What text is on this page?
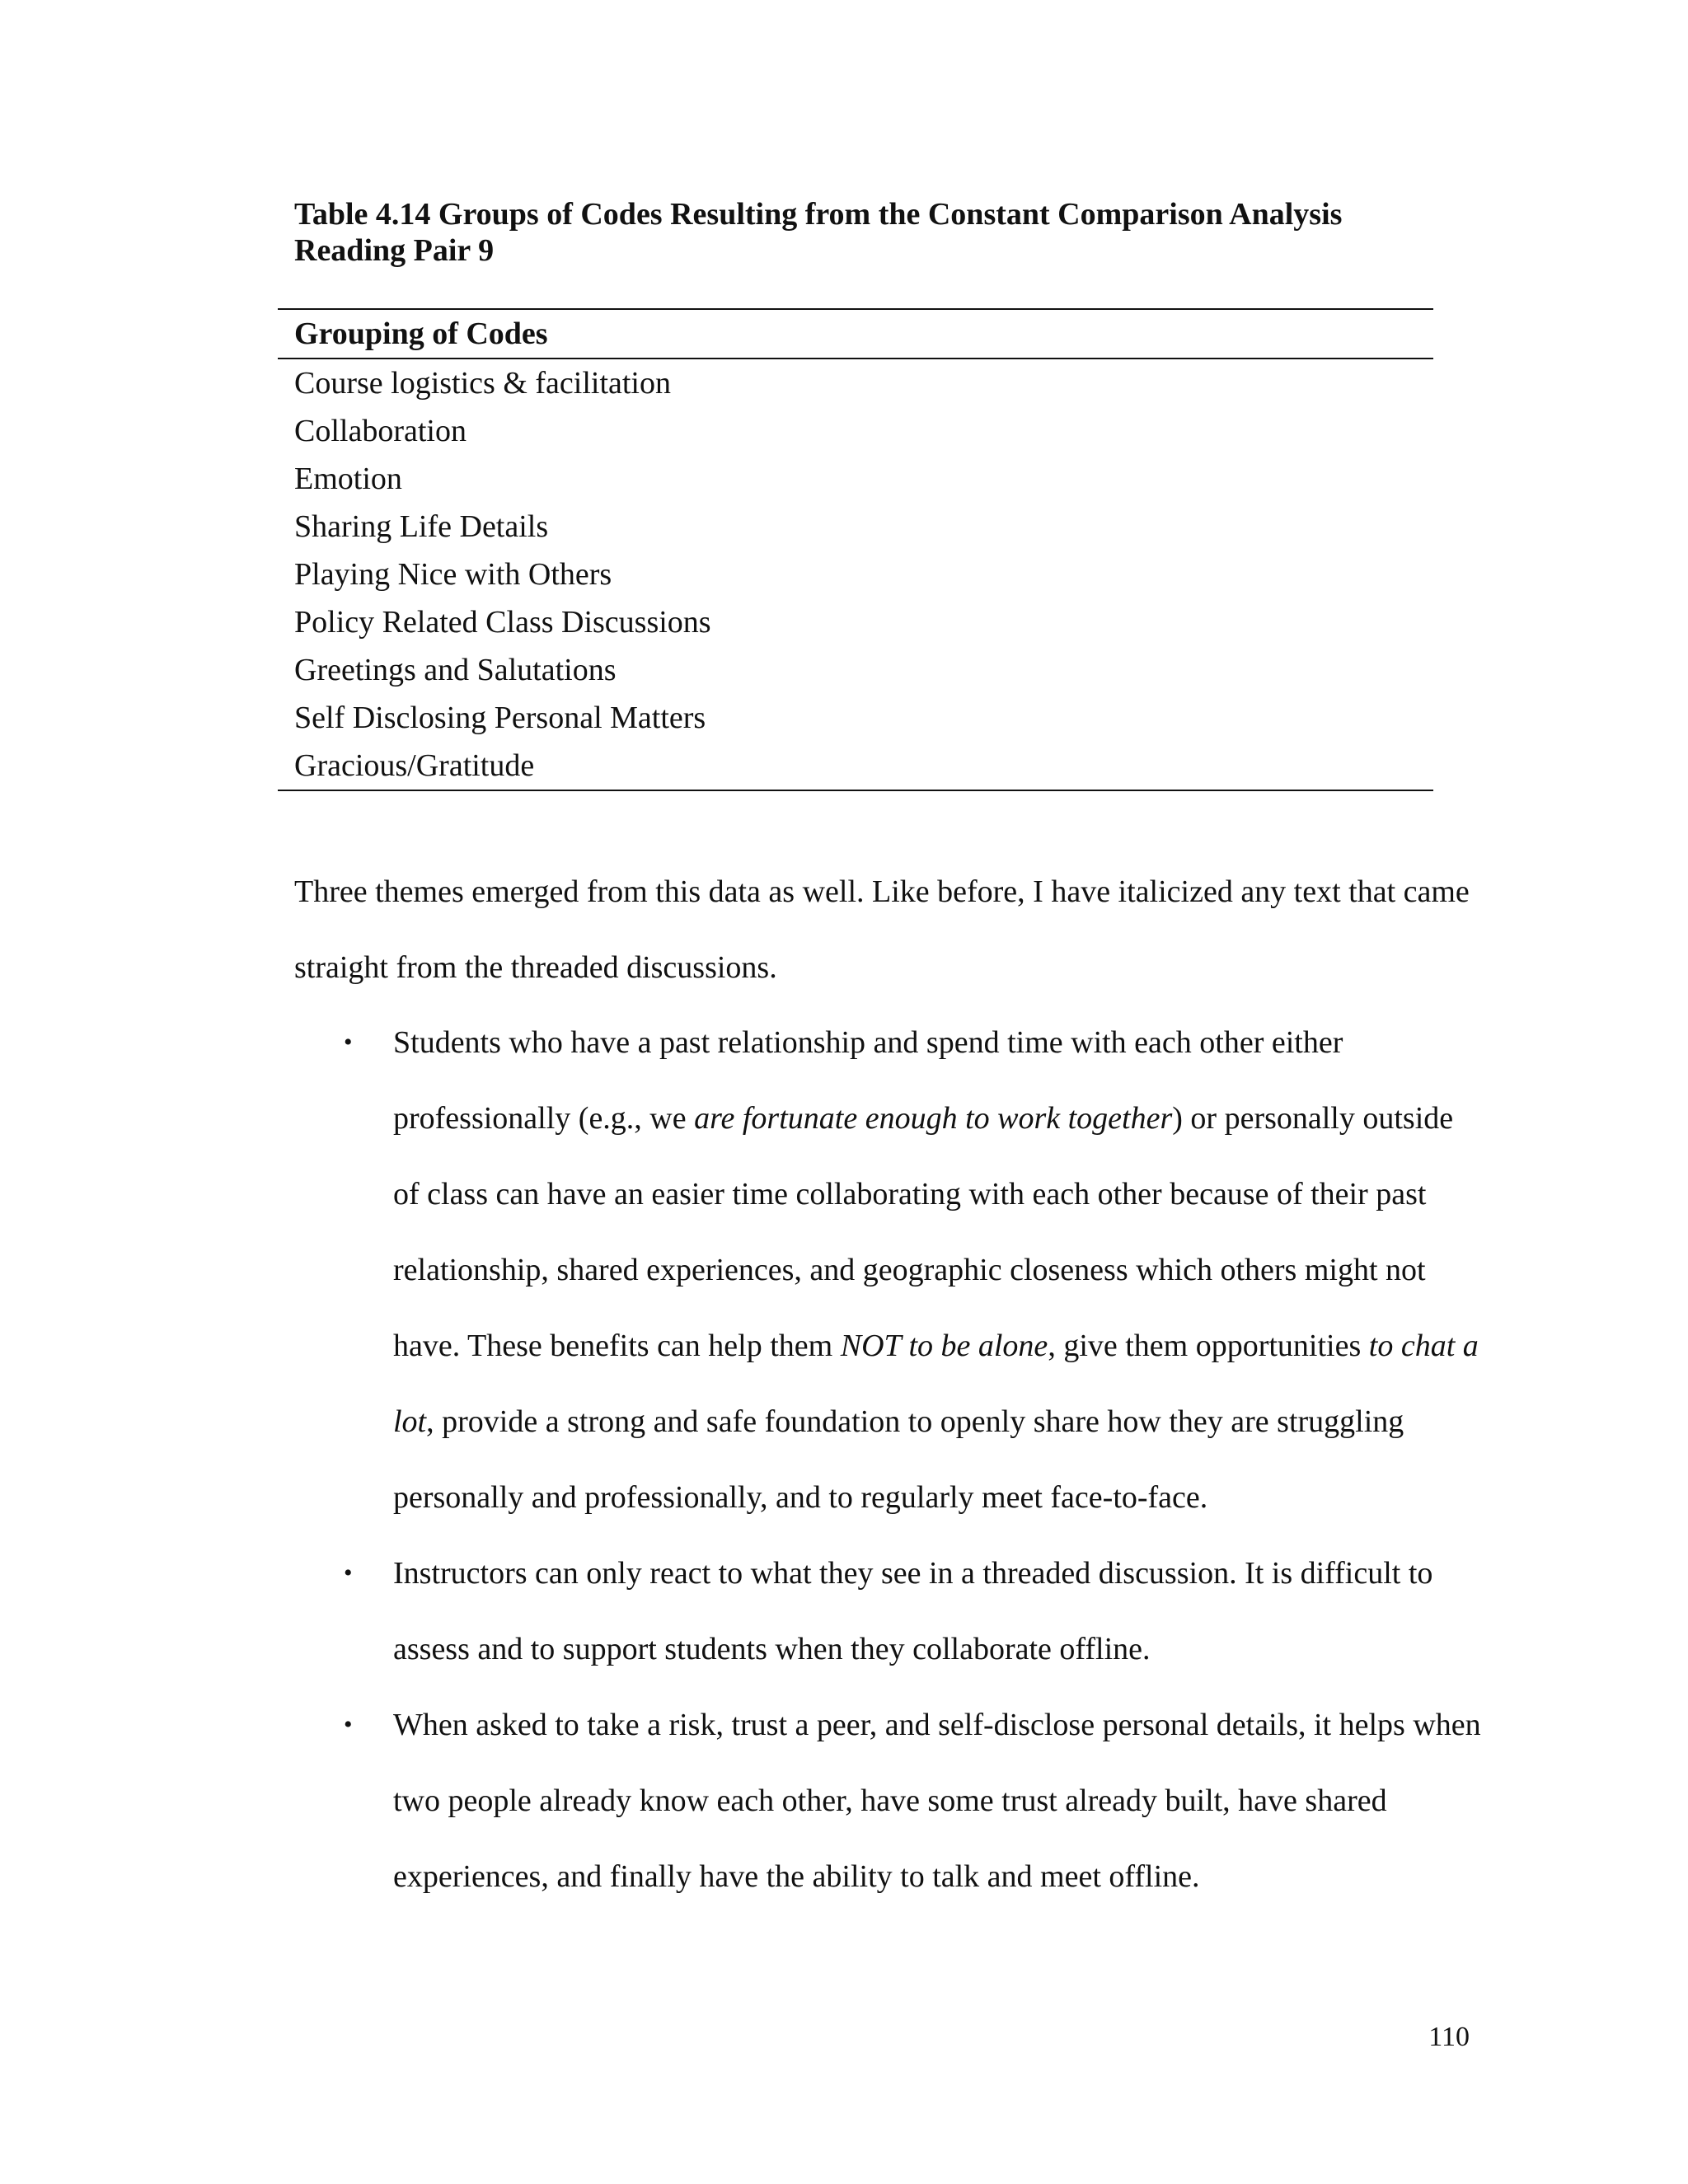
Table 4.14 Groups of Codes Resulting from the Constant Comparison Analysis
Reading Pair 9
Grouping of Codes
Course logistics & facilitation
Collaboration
Emotion
Sharing Life Details
Playing Nice with Others
Policy Related Class Discussions
Greetings and Salutations
Self Disclosing Personal Matters
Gracious/Gratitude
Three themes emerged from this data as well. Like before, I have italicized any text that came straight from the threaded discussions.
• Students who have a past relationship and spend time with each other either professionally (e.g., we are fortunate enough to work together) or personally outside of class can have an easier time collaborating with each other because of their past relationship, shared experiences, and geographic closeness which others might not have. These benefits can help them NOT to be alone, give them opportunities to chat a lot, provide a strong and safe foundation to openly share how they are struggling personally and professionally, and to regularly meet face-to-face.
• Instructors can only react to what they see in a threaded discussion. It is difficult to assess and to support students when they collaborate offline.
• When asked to take a risk, trust a peer, and self-disclose personal details, it helps when two people already know each other, have some trust already built, have shared experiences, and finally have the ability to talk and meet offline.
110
